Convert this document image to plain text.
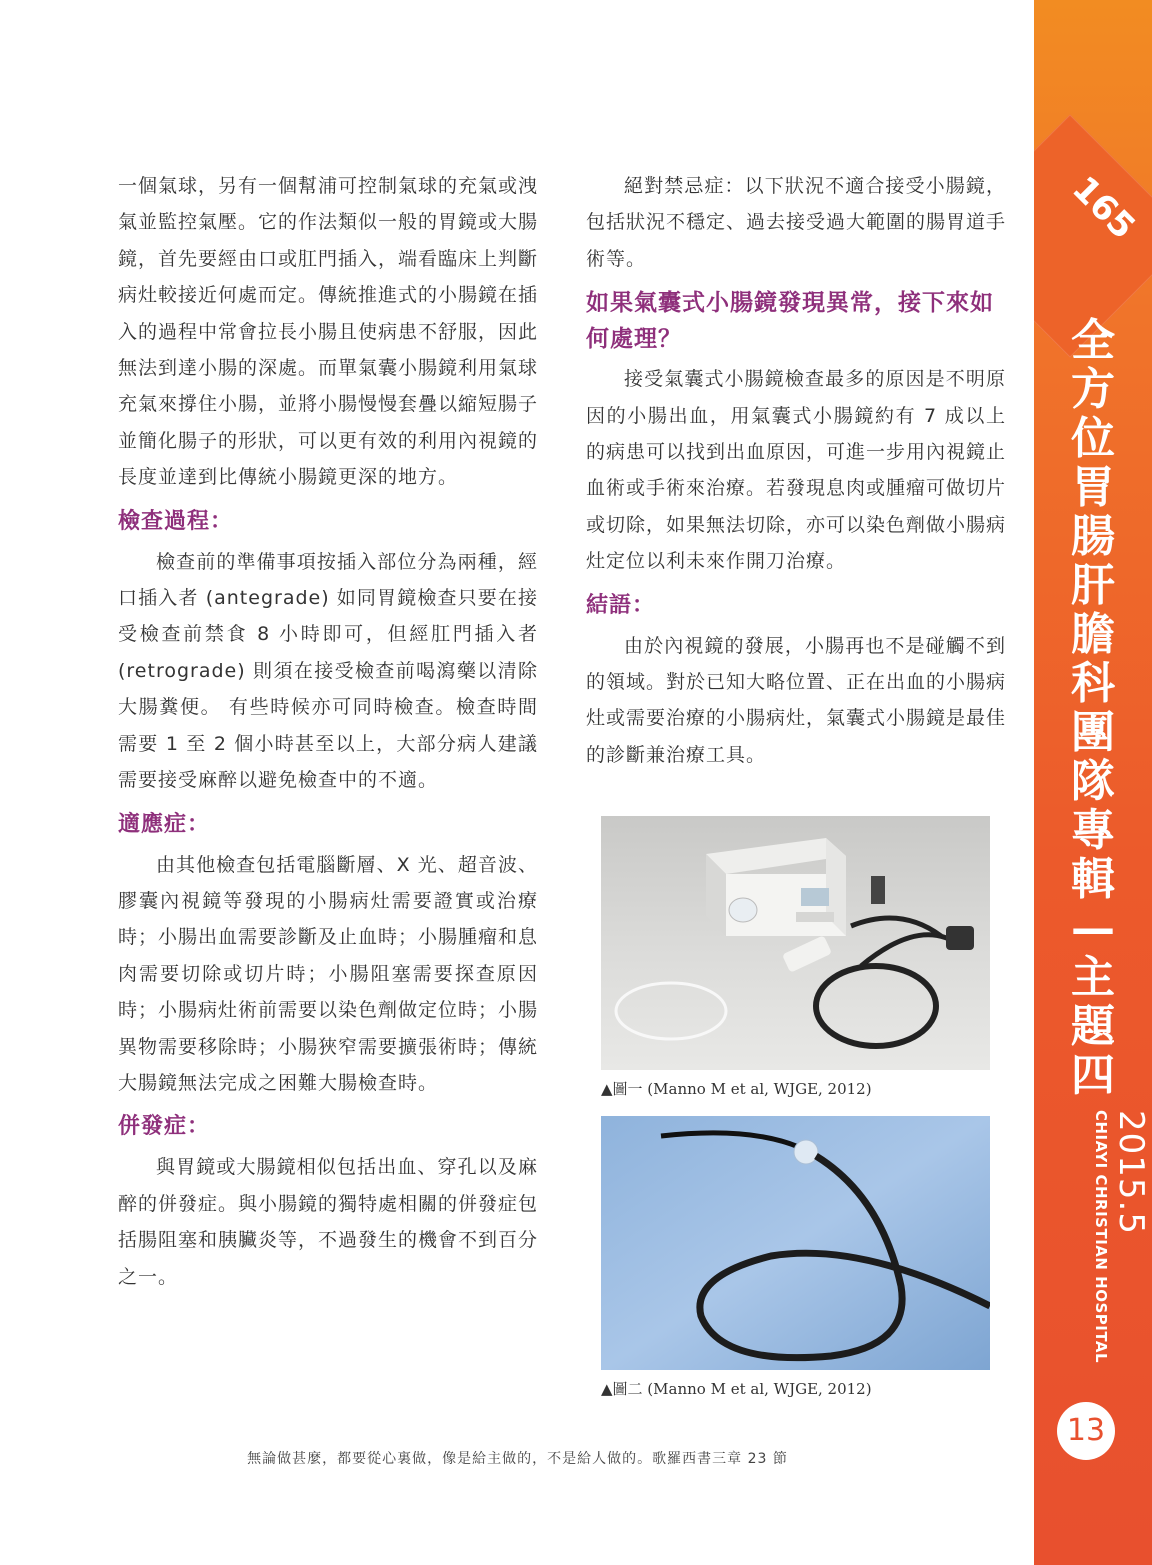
一個氣球，另有一個幫浦可控制氣球的充氣或洩氣並監控氣壓。它的作法類似一般的胃鏡或大腸鏡，首先要經由口或肛門插入，端看臨床上判斷病灶較接近何處而定。傳統推進式的小腸鏡在插入的過程中常會拉長小腸且使病患不舒服，因此無法到達小腸的深處。而單氣囊小腸鏡利用氣球充氣來撐住小腸，並將小腸慢慢套疊以縮短腸子並簡化腸子的形狀，可以更有效的利用內視鏡的長度並達到比傳統小腸鏡更深的地方。

檢查過程：

檢查前的準備事項按插入部位分為兩種，經口插入者 (antegrade) 如同胃鏡檢查只要在接受檢查前禁食 8 小時即可，但經肛門插入者 (retrograde) 則須在接受檢查前喝瀉藥以清除大腸糞便。 有些時候亦可同時檢查。檢查時間需要 1 至 2 個小時甚至以上，大部分病人建議需要接受麻醉以避免檢查中的不適。

適應症：

由其他檢查包括電腦斷層、X 光、超音波、膠囊內視鏡等發現的小腸病灶需要證實或治療時；小腸出血需要診斷及止血時；小腸腫瘤和息肉需要切除或切片時；小腸阻塞需要探查原因時；小腸病灶術前需要以染色劑做定位時；小腸異物需要移除時；小腸狹窄需要擴張術時；傳統大腸鏡無法完成之困難大腸檢查時。

併發症：

與胃鏡或大腸鏡相似包括出血、穿孔以及麻醉的併發症。與小腸鏡的獨特處相關的併發症包括腸阻塞和胰臟炎等，不過發生的機會不到百分之一。

絕對禁忌症：以下狀況不適合接受小腸鏡，包括狀況不穩定、過去接受過大範圍的腸胃道手術等。

如果氣囊式小腸鏡發現異常，接下來如何處理？

接受氣囊式小腸鏡檢查最多的原因是不明原因的小腸出血，用氣囊式小腸鏡約有 7 成以上的病患可以找到出血原因，可進一步用內視鏡止血術或手術來治療。若發現息肉或腫瘤可做切片或切除，如果無法切除，亦可以染色劑做小腸病灶定位以利未來作開刀治療。

結語：

由於內視鏡的發展，小腸再也不是碰觸不到的領域。對於已知大略位置、正在出血的小腸病灶或需要治療的小腸病灶，氣囊式小腸鏡是最佳的診斷兼治療工具。

▲圖一 (Manno M et al, WJGE, 2012)
▲圖二 (Manno M et al, WJGE, 2012)
無論做甚麼，都要從心裏做，像是給主做的，不是給人做的。歌羅西書三章 23 節
165
全
方
位
胃
腸
肝
膽
科
團
隊
專
輯
—
主
題
四
2015.5
CHIAYI CHRISTIAN HOSPITAL
13
